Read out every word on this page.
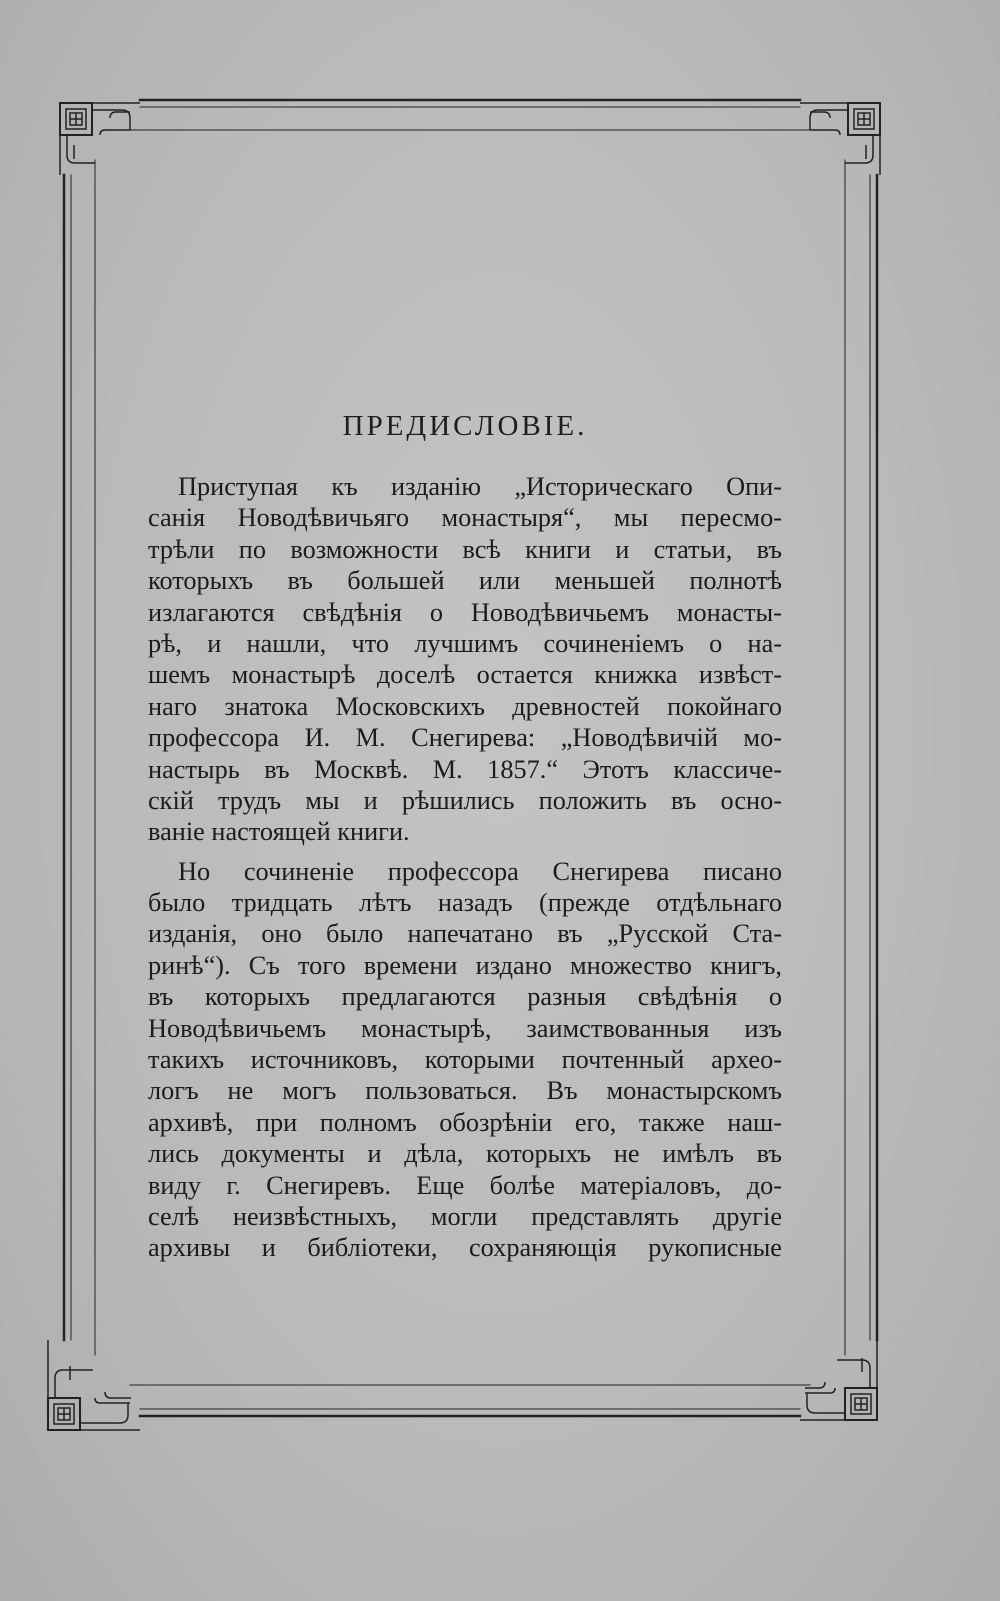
ПРЕДИСЛОВІЕ.
Приступая къ изданію „Историческаго Опи-
санія Новодѣвичьяго монастыря“, мы пересмо-
трѣли по возможности всѣ книги и статьи, въ
которыхъ въ большей или меньшей полнотѣ
излагаются свѣдѣнія о Новодѣвичьемъ монасты-
рѣ, и нашли, что лучшимъ сочиненіемъ о на-
шемъ монастырѣ доселѣ остается книжка извѣст-
наго знатока Московскихъ древностей покойнаго
профессора И. М. Снегирева: „Новодѣвичій мо-
настырь въ Москвѣ. М. 1857.“ Этотъ классиче-
скій трудъ мы и рѣшились положить въ осно-
ваніе настоящей книги.
Но сочиненіе профессора Снегирева писано
было тридцать лѣтъ назадъ (прежде отдѣльнаго
изданія, оно было напечатано въ „Русской Ста-
ринѣ“). Съ того времени издано множество книгъ,
въ которыхъ предлагаются разныя свѣдѣнія о
Новодѣвичьемъ монастырѣ, заимствованныя изъ
такихъ источниковъ, которыми почтенный археo-
логъ не могъ пользоваться. Въ монастырскомъ
архивѣ, при полномъ обозрѣніи его, также наш-
лись документы и дѣла, которыхъ не имѣлъ въ
виду г. Снегиревъ. Еще болѣе матеріаловъ, до-
селѣ неизвѣстныхъ, могли представлять другіе
архивы и библіотеки, сохраняющія рукописные
